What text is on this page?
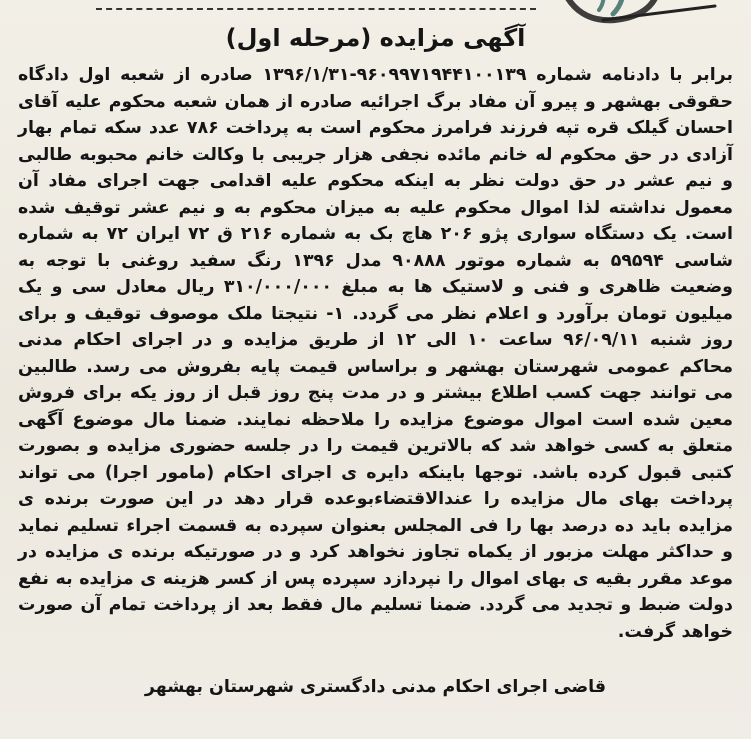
آگهی مزایده (مرحله اول)

برابر با دادنامه شماره ۹۶۰۹۹۷۱۹۴۴۱۰۰۱۳۹-۱۳۹۶/۱/۳۱ صادره از شعبه اول دادگاه حقوقی بهشهر و پیرو آن مفاد برگ اجرائیه صادره از همان شعبه محکوم علیه آقای احسان گیلک قره تپه فرزند فرامرز محکوم است به پرداخت ۷۸۶ عدد سکه تمام بهار آزادی در حق محکوم له خانم مائده نجفی هزار جریبی با وکالت خانم محبوبه طالبی و نیم عشر در حق دولت نظر به اینکه محکوم علیه اقدامی جهت اجرای مفاد آن معمول نداشته لذا اموال محکوم علیه به میزان محکوم به و نیم عشر توقیف شده است. یک دستگاه سواری پژو ۲۰۶ هاچ بک به شماره ۲۱۶ ق ۷۲ ایران ۷۲ به شماره شاسی ۵۹۵۹۴ به شماره موتور ۹۰۸۸۸ مدل ۱۳۹۶ رنگ سفید روغنی با توجه به وضعیت ظاهری و فنی و لاستیک ها به مبلغ ۳۱۰/۰۰۰/۰۰۰ ریال معادل سی و یک میلیون تومان برآورد و اعلام نظر می گردد. ۱- نتیجتا ملک موصوف توقیف و برای روز شنبه ۹۶/۰۹/۱۱ ساعت ۱۰ الی ۱۲ از طریق مزایده و در اجرای احکام مدنی محاکم عمومی شهرستان بهشهر و براساس قیمت پایه بفروش می رسد. طالبین می توانند جهت کسب اطلاع بیشتر و در مدت پنج روز قبل از روز یکه برای فروش معین شده است اموال موضوع مزایده را ملاحظه نمایند. ضمنا مال موضوع آگهی متعلق به کسی خواهد شد که بالاترین قیمت را در جلسه حضوری مزایده و بصورت کتبی قبول کرده باشد. توجها باینکه دایره ی اجرای احکام (مامور اجرا) می تواند پرداخت بهای مال مزایده را عندالاقتضاءبوعده قرار دهد در این صورت برنده ی مزایده باید ده درصد بها را فی المجلس بعنوان سپرده به قسمت اجراء تسلیم نماید و حداکثر مهلت مزبور از یکماه تجاوز نخواهد کرد و در صورتیکه برنده ی مزایده در موعد مقرر بقیه ی بهای اموال را نپردازد سپرده پس از کسر هزینه ی مزایده به نفع دولت ضبط و تجدید می گردد. ضمنا تسلیم مال فقط بعد از پرداخت تمام آن صورت خواهد گرفت.

قاضی اجرای احکام مدنی دادگستری شهرستان بهشهر
